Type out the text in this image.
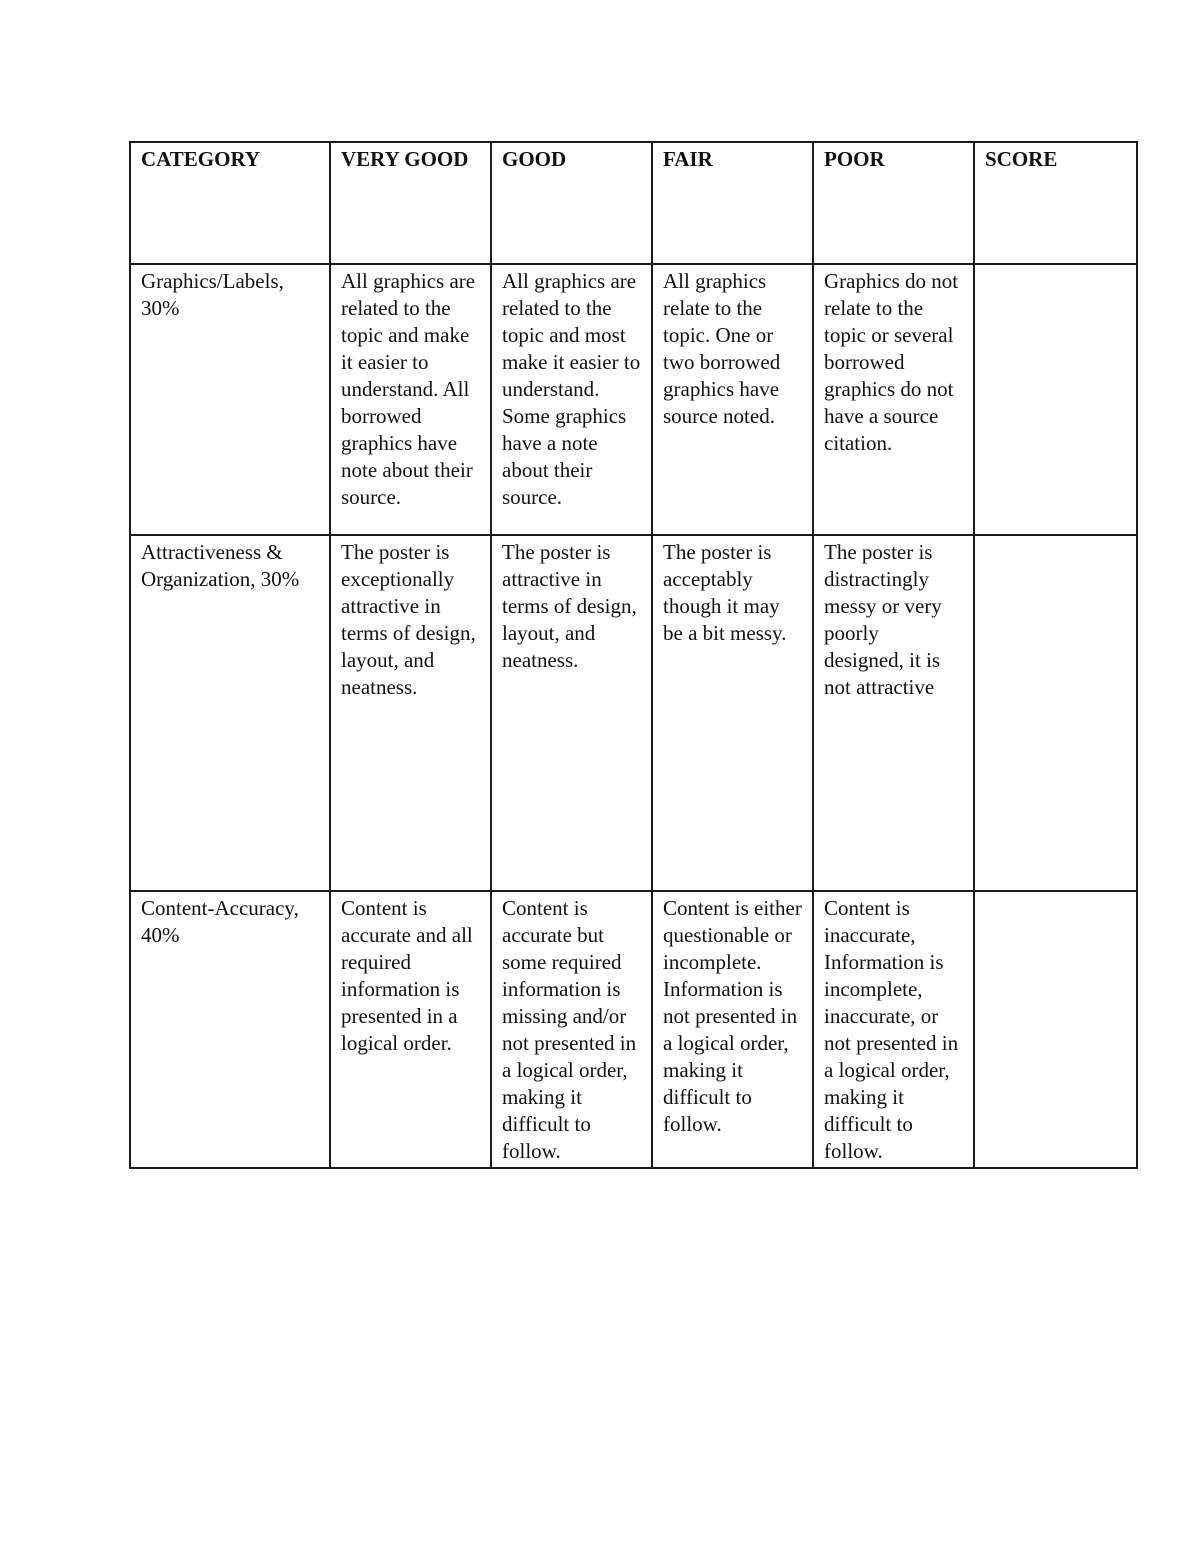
CATEGORY	VERY GOOD	GOOD	FAIR	POOR	SCORE
Graphics/Labels, 30%	All graphics are related to the topic and make it easier to understand. All borrowed graphics have note about their source.	All graphics are related to the topic and most make it easier to understand. Some graphics have a note about their source.	All graphics relate to the topic. One or two borrowed graphics have source noted.	Graphics do not relate to the topic or several borrowed graphics do not have a source citation.	
Attractiveness & Organization, 30%	The poster is exceptionally attractive in terms of design, layout, and neatness.	The poster is attractive in terms of design, layout, and neatness.	The poster is acceptably though it may be a bit messy.	The poster is distractingly messy or very poorly designed, it is not attractive	
Content-Accuracy, 40%	Content is accurate and all required information is presented in a logical order.	Content is accurate but some required information is missing and/or not presented in a logical order, making it difficult to follow.	Content is either questionable or incomplete. Information is not presented in a logical order, making it difficult to follow.	Content is inaccurate, Information is incomplete, inaccurate, or not presented in a logical order, making it difficult to follow.	
